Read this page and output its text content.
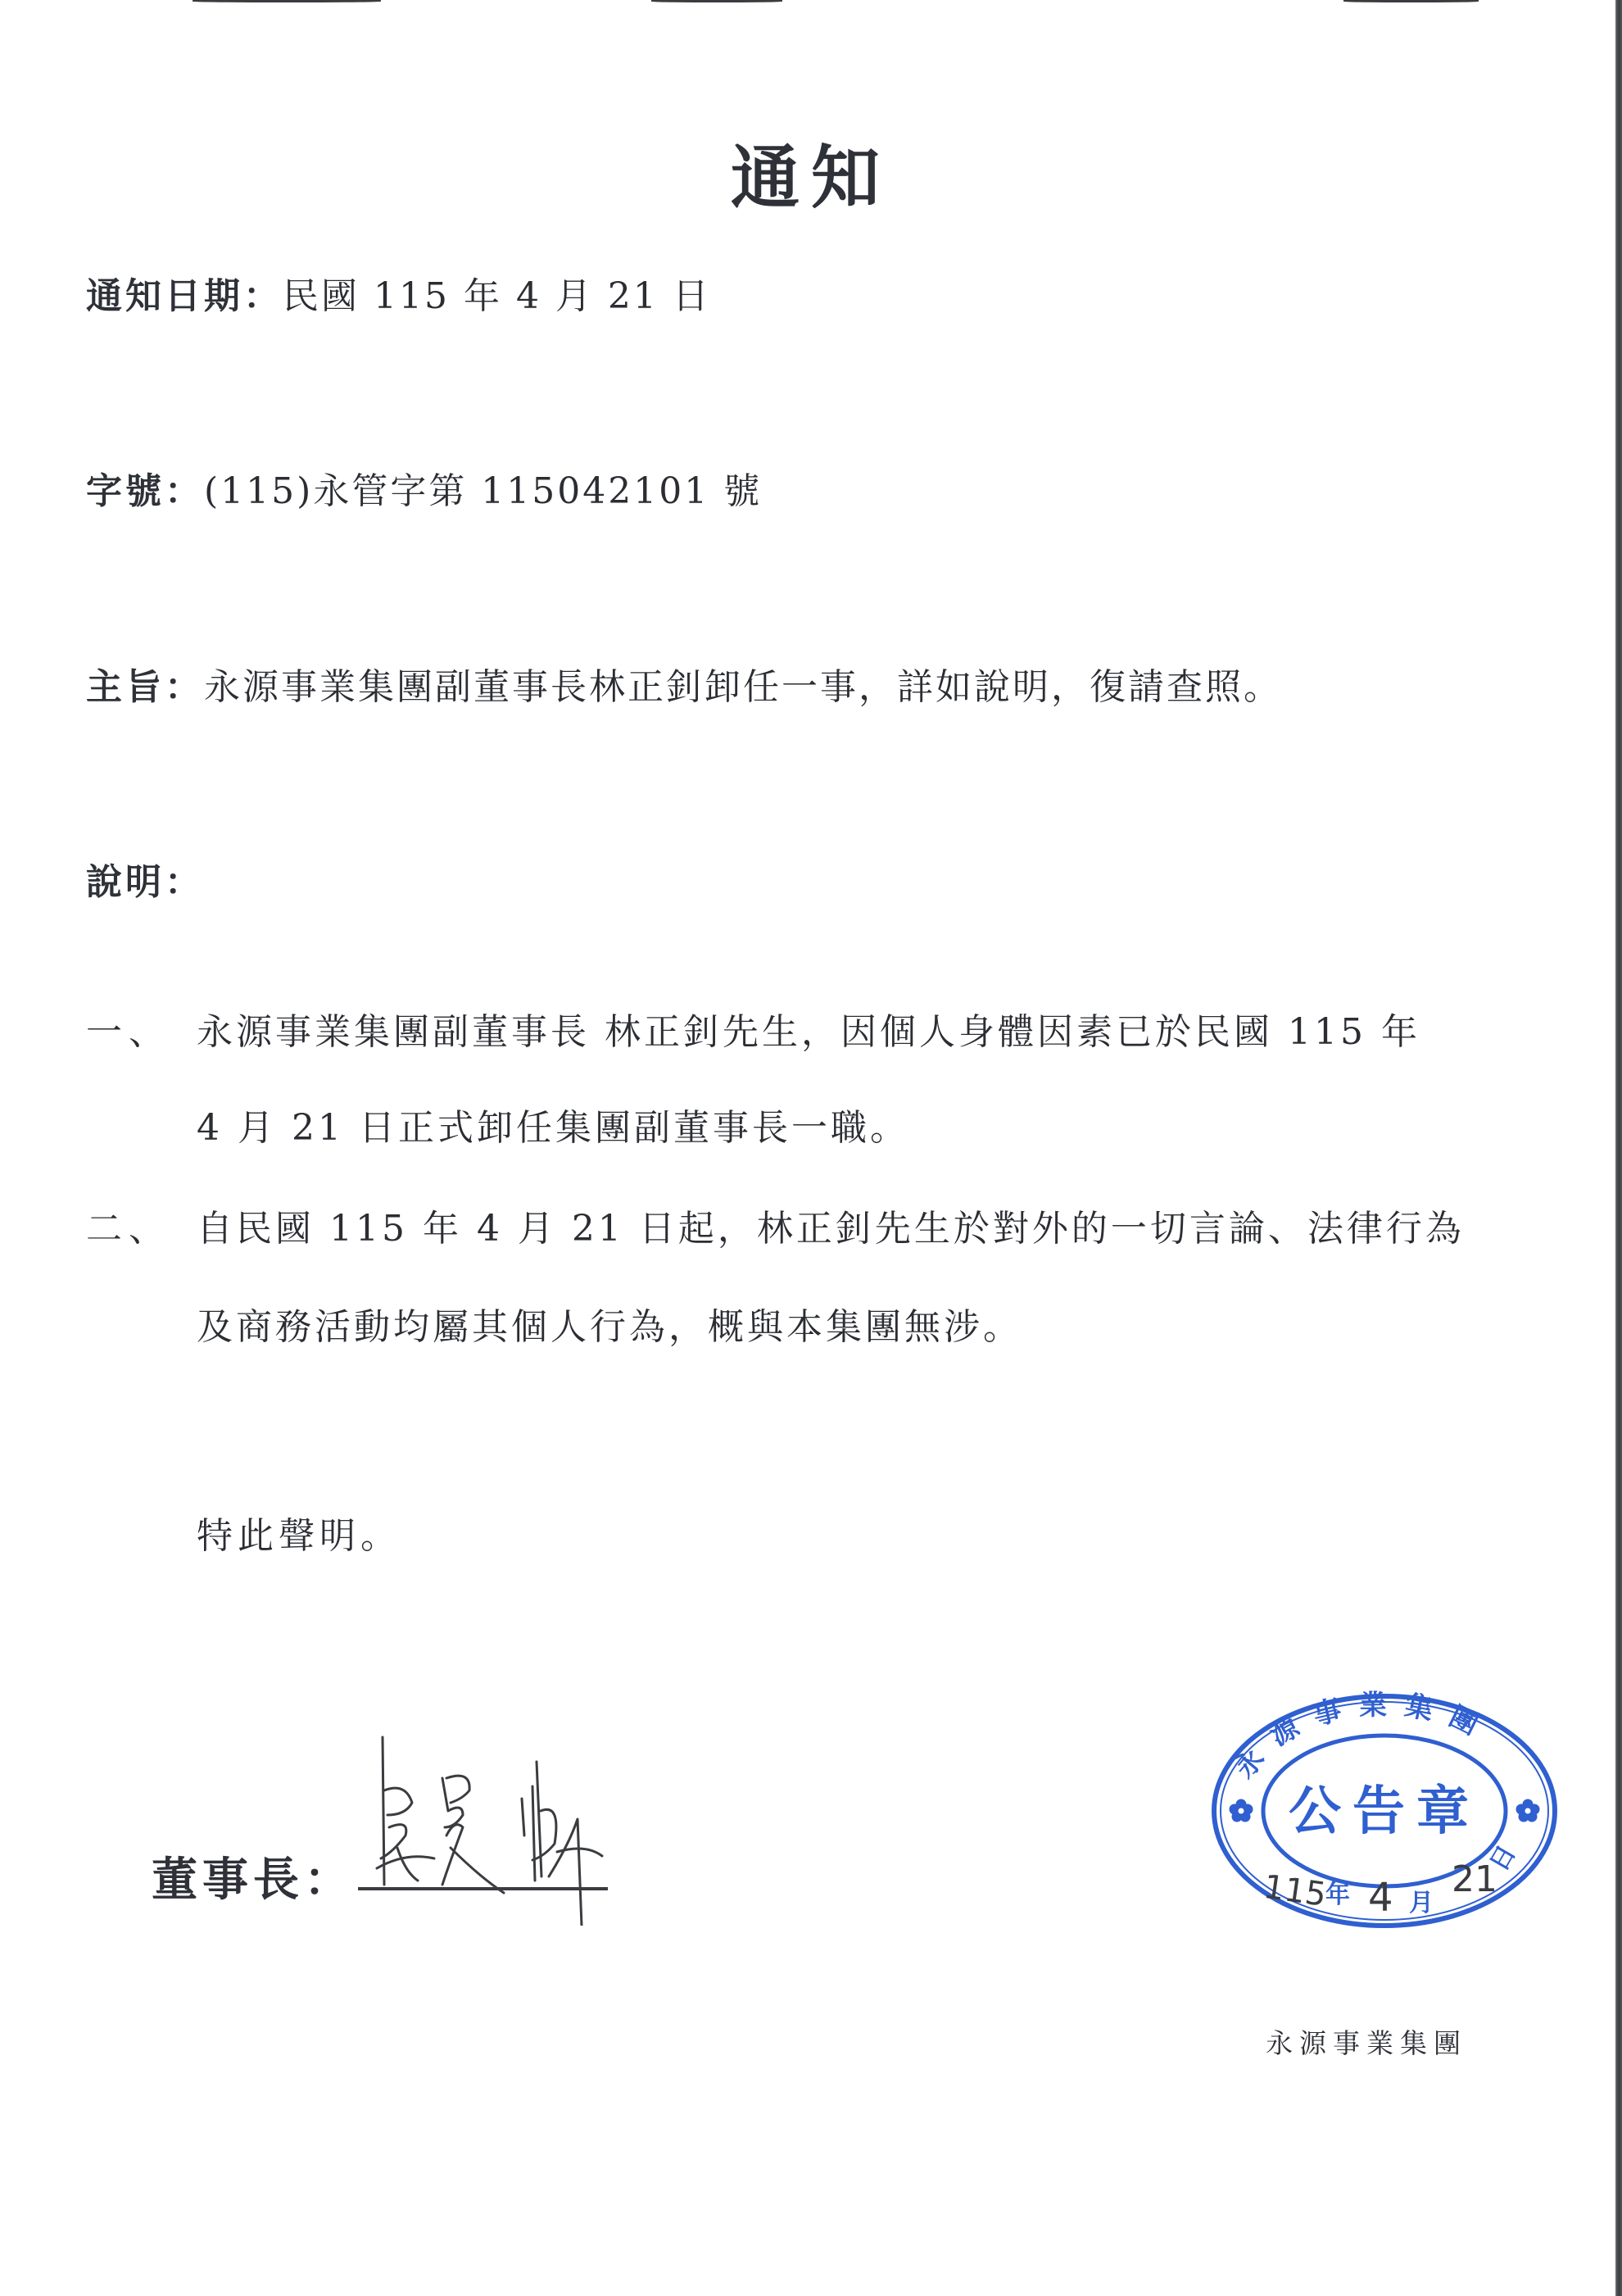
通知
通知日期：民國 115 年 4 月 21 日
字號：(115)永管字第 115042101 號
主旨：永源事業集團副董事長林正釗卸任一事，詳如說明，復請查照。
說明：
一、 永源事業集團副董事長 林正釗先生，因個人身體因素已於民國 115 年
4 月 21 日正式卸任集團副董事長一職。
二、 自民國 115 年 4 月 21 日起，林正釗先生於對外的一切言論、法律行為
及商務活動均屬其個人行為，概與本集團無涉。
特此聲明。
董事長：
永源事業集團
公告章
年 月
日
115 4 21
永源事業集團
